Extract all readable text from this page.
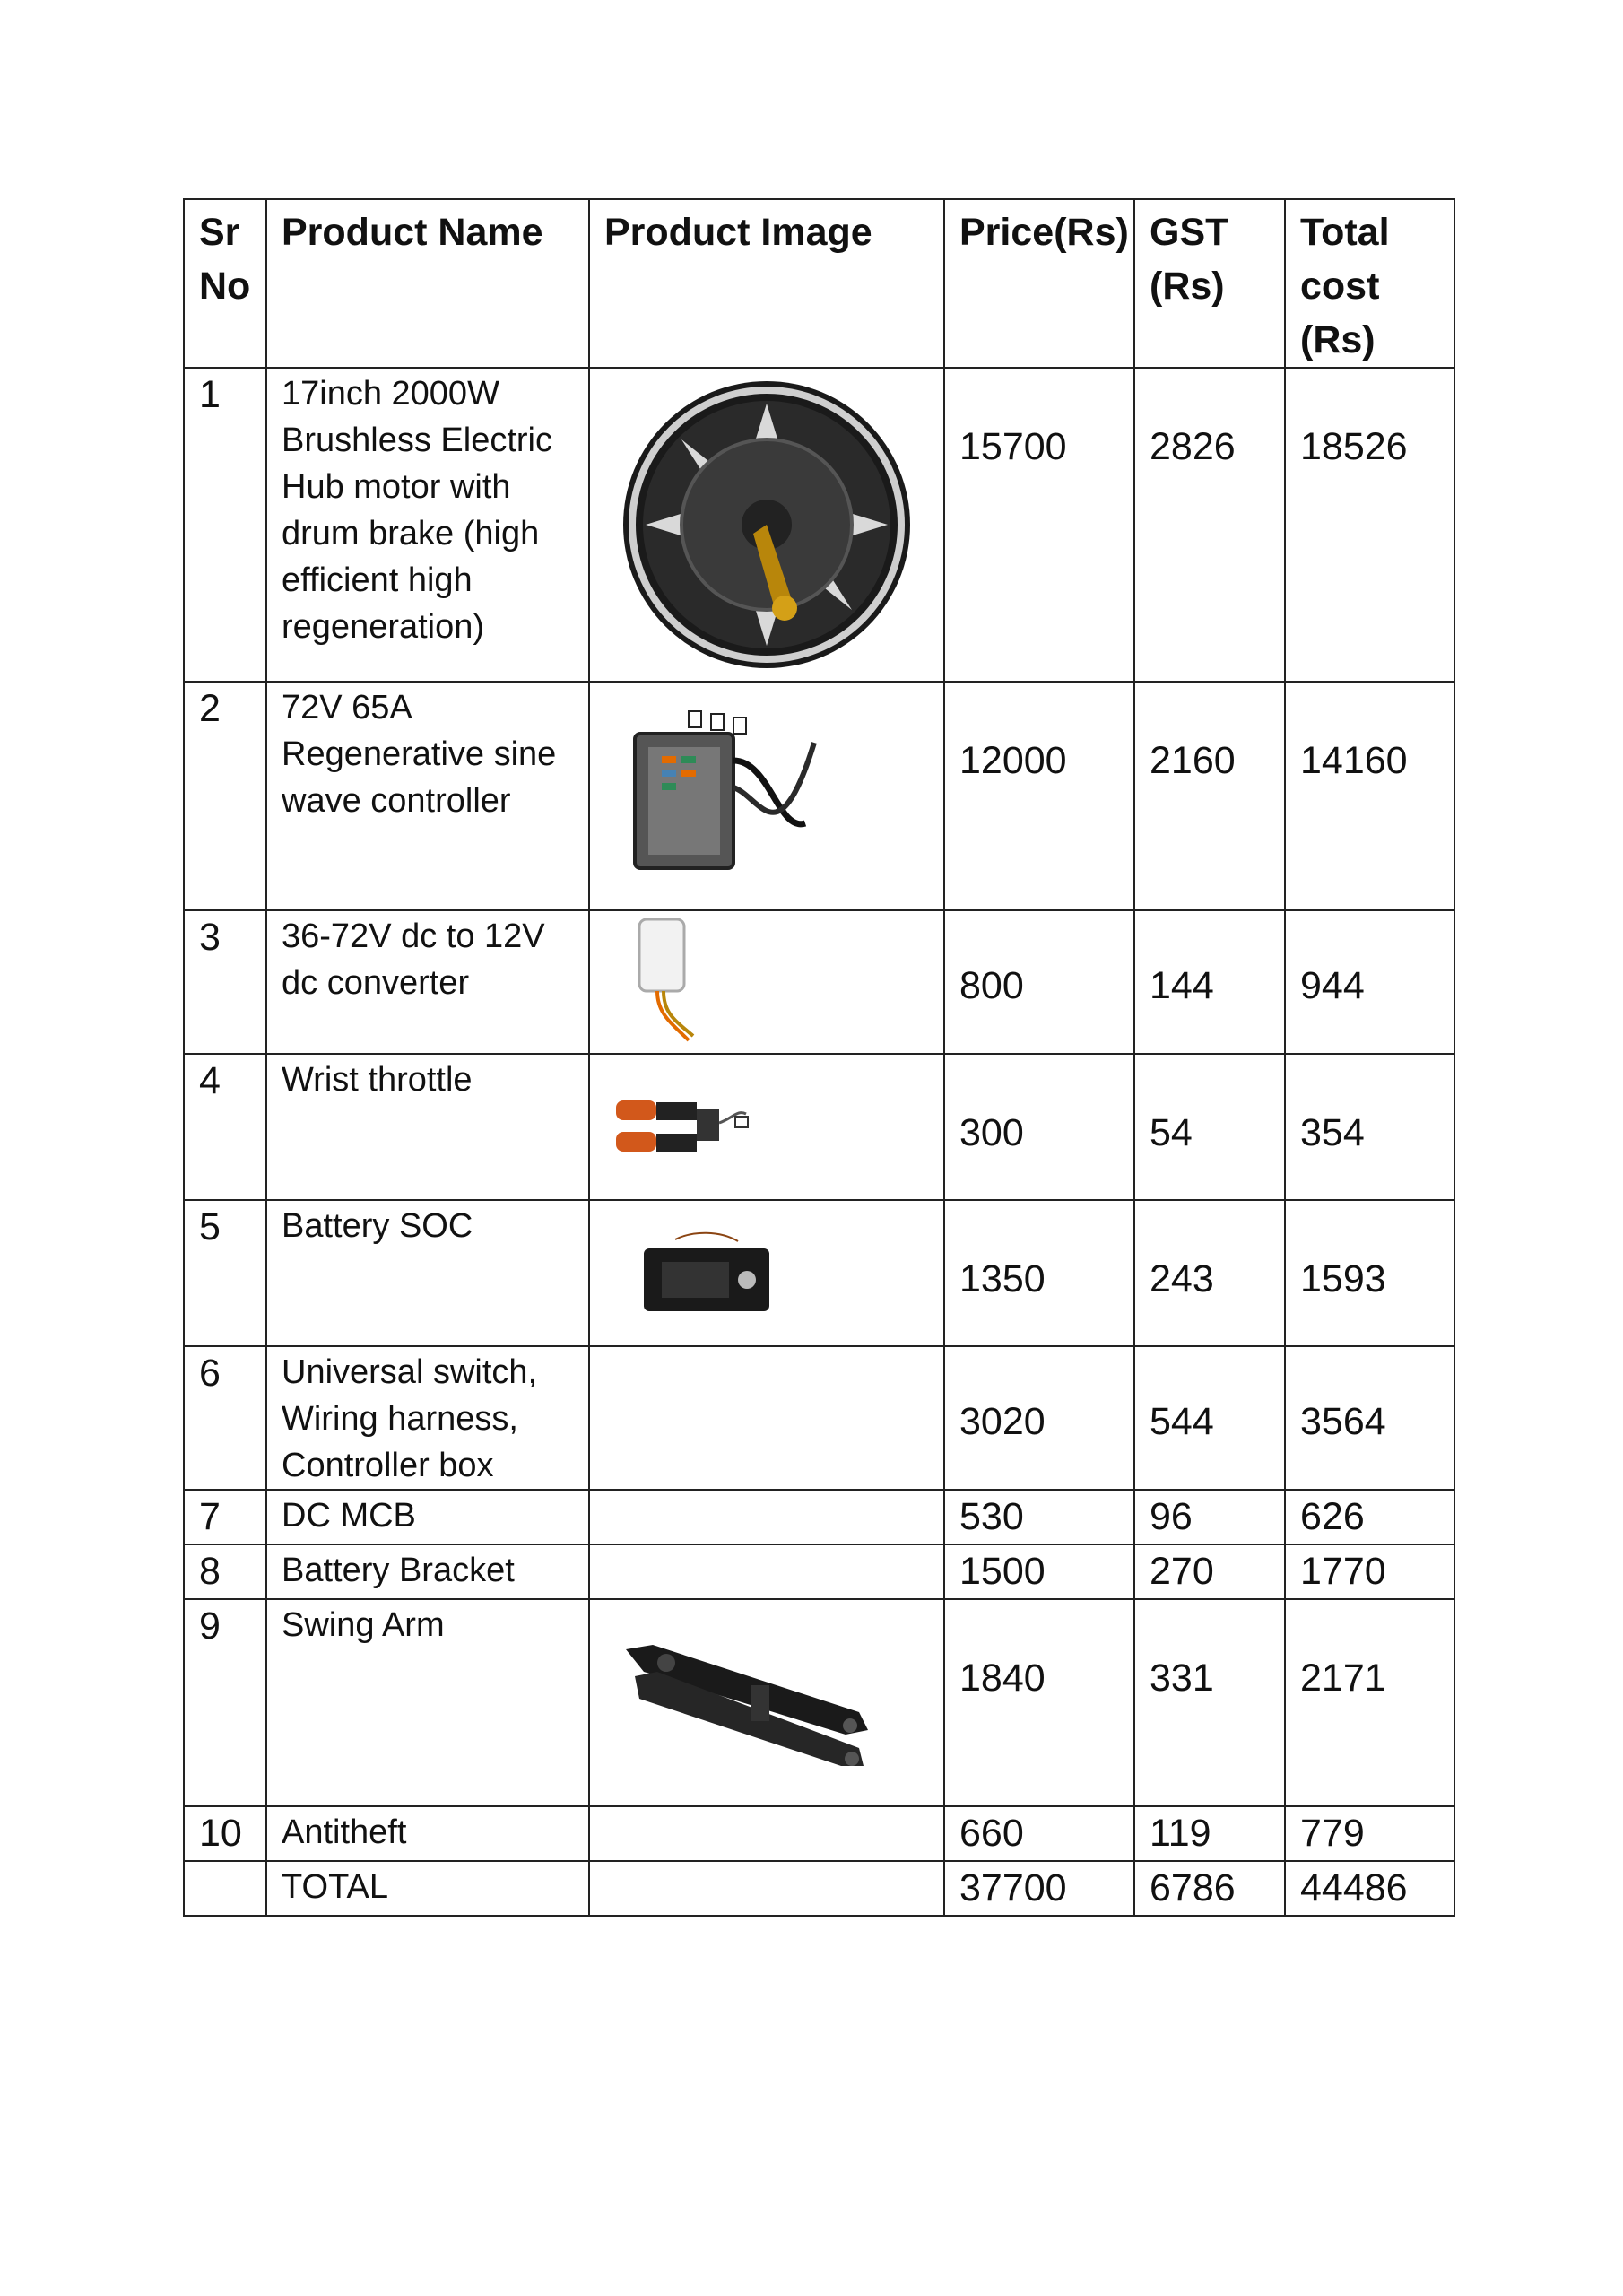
Sr No	Product Name	Product Image	Price(Rs)	GST (Rs)	Total cost (Rs)
1	17inch 2000W Brushless Electric Hub motor with drum brake (high efficient high regeneration)		15700	2826	18526
2	72V 65A Regenerative sine wave controller		12000	2160	14160
3	36-72V dc to 12V dc converter		800	144	944
4	Wrist throttle		300	54	354
5	Battery SOC		1350	243	1593
6	Universal switch, Wiring harness, Controller box		3020	544	3564
7	DC MCB		530	96	626
8	Battery Bracket		1500	270	1770
9	Swing Arm		1840	331	2171
10	Antitheft		660	119	779
	TOTAL		37700	6786	44486
